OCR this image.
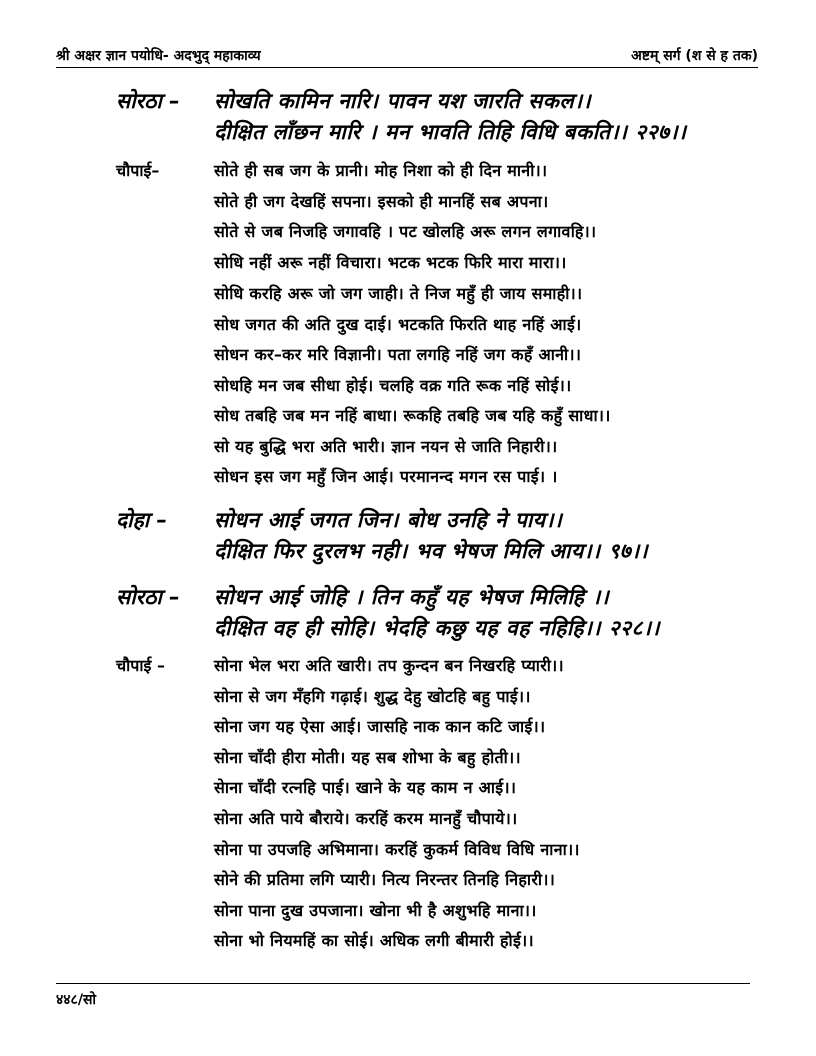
श्री अक्षर ज्ञान पयोधि- अदभुद् महाकाव्य	अष्टम् सर्ग (श से ह तक)
सोरठा – सोखति कामिन नारि। पावन यश जारति सकल।।
दीक्षित लाँछन मारि । मन भावति तिहि विधि बकति।। २२७।।
चौपाई–	सोते ही सब जग के प्रानी। मोह निशा को ही दिन मानी।।
सोते ही जग देखहिं सपना। इसको ही मानहिं सब अपना।
सोते से जब निजहि जगावहि । पट खोलहि अरू लगन लगावहि।।
सोधि नहीं अरू नहीं विचारा। भटक भटक फिरि मारा मारा।।
सोधि करहि अरू जो जग जाही। ते निज महुँ ही जाय समाही।।
सोध जगत की अति दुख दाई। भटकति फिरति थाह नहिं आई।
सोधन कर–कर मरि विज्ञानी। पता लगहि नहिं जग कहँ आनी।।
सोधहि मन जब सीधा होई। चलहि वक्र गति रूक नहिं सोई।।
सोध तबहि जब मन नहिं बाधा। रूकहि तबहि जब यहि कहुँ साधा।।
सो यह बुद्धि भरा अति भारी। ज्ञान नयन से जाति निहारी।।
सोधन इस जग महुँ जिन आई। परमानन्द मगन रस पाई। ।
दोहा – सोधन आई जगत जिन। बोध उनहि ने पाय।।
दीक्षित फिर दुरलभ नही। भव भेषज मिलि आय।। ९७।।
सोरठा – सोधन आई जोहि । तिन कहुँ यह भेषज मिलिहि ।।
दीक्षित वह ही सोहि। भेदहि कछु यह वह नहिहि।। २२८।।
चौपाई –	सोना भेल भरा अति खारी। तप कुन्दन बन निखरहि प्यारी।।
सोना से जग मँहगि गढ़ाई। शुद्ध देहु खोटहि बहु पाई।।
सोना जग यह ऐसा आई। जासहि नाक कान कटि जाई।।
सोना चाँदी हीरा मोती। यह सब शोभा के बहु होती।।
सेाना चाँदी रत्नहि पाई। खाने के यह काम न आई।।
सोना अति पाये बौराये। करहिं करम मानहुँ चौपाये।।
सोना पा उपजहि अभिमाना। करहिं कुकर्म विविध विधि नाना।।
सोने की प्रतिमा लगि प्यारी। नित्य निरन्तर तिनहि निहारी।।
सोना पाना दुख उपजाना। खोना भी है अशुभहि माना।।
सोना भो नियमहिं का सोई। अधिक लगी बीमारी होई।।
४४८/सो
